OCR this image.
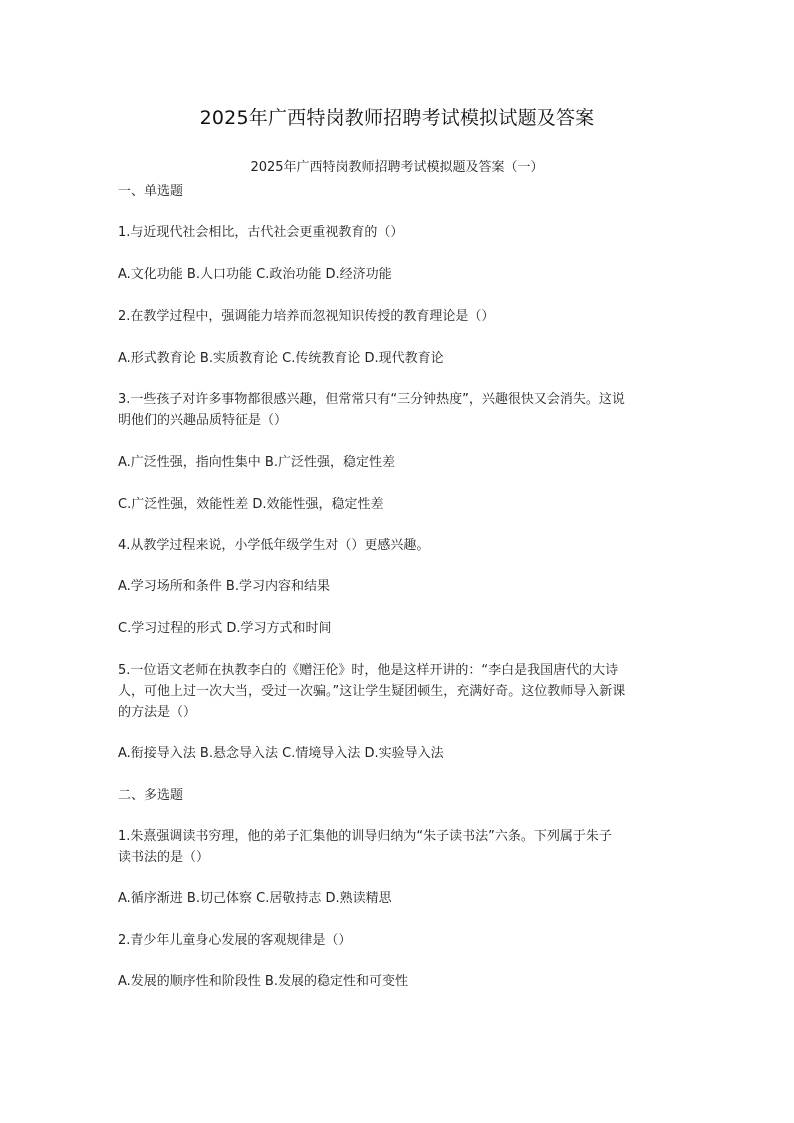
2025年广西特岗教师招聘考试模拟试题及答案
2025年广西特岗教师招聘考试模拟题及答案（一）
一、单选题
1.与近现代社会相比，古代社会更重视教育的（）
A.文化功能 B.人口功能 C.政治功能 D.经济功能
2.在教学过程中，强调能力培养而忽视知识传授的教育理论是（）
A.形式教育论 B.实质教育论 C.传统教育论 D.现代教育论
3.一些孩子对许多事物都很感兴趣，但常常只有“三分钟热度”，兴趣很快又会消失。这说
明他们的兴趣品质特征是（）
A.广泛性强，指向性集中 B.广泛性强，稳定性差
C.广泛性强，效能性差 D.效能性强，稳定性差
4.从教学过程来说，小学低年级学生对（）更感兴趣。
A.学习场所和条件 B.学习内容和结果
C.学习过程的形式 D.学习方式和时间
5.一位语文老师在执教李白的《赠汪伦》时，他是这样开讲的：“李白是我国唐代的大诗
人，可他上过一次大当，受过一次骗。”这让学生疑团顿生，充满好奇。这位教师导入新课
的方法是（）
A.衔接导入法 B.悬念导入法 C.情境导入法 D.实验导入法
二、多选题
1.朱熹强调读书穷理，他的弟子汇集他的训导归纳为“朱子读书法”六条。下列属于朱子
读书法的是（）
A.循序渐进 B.切己体察 C.居敬持志 D.熟读精思
2.青少年儿童身心发展的客观规律是（）
A.发展的顺序性和阶段性 B.发展的稳定性和可变性
